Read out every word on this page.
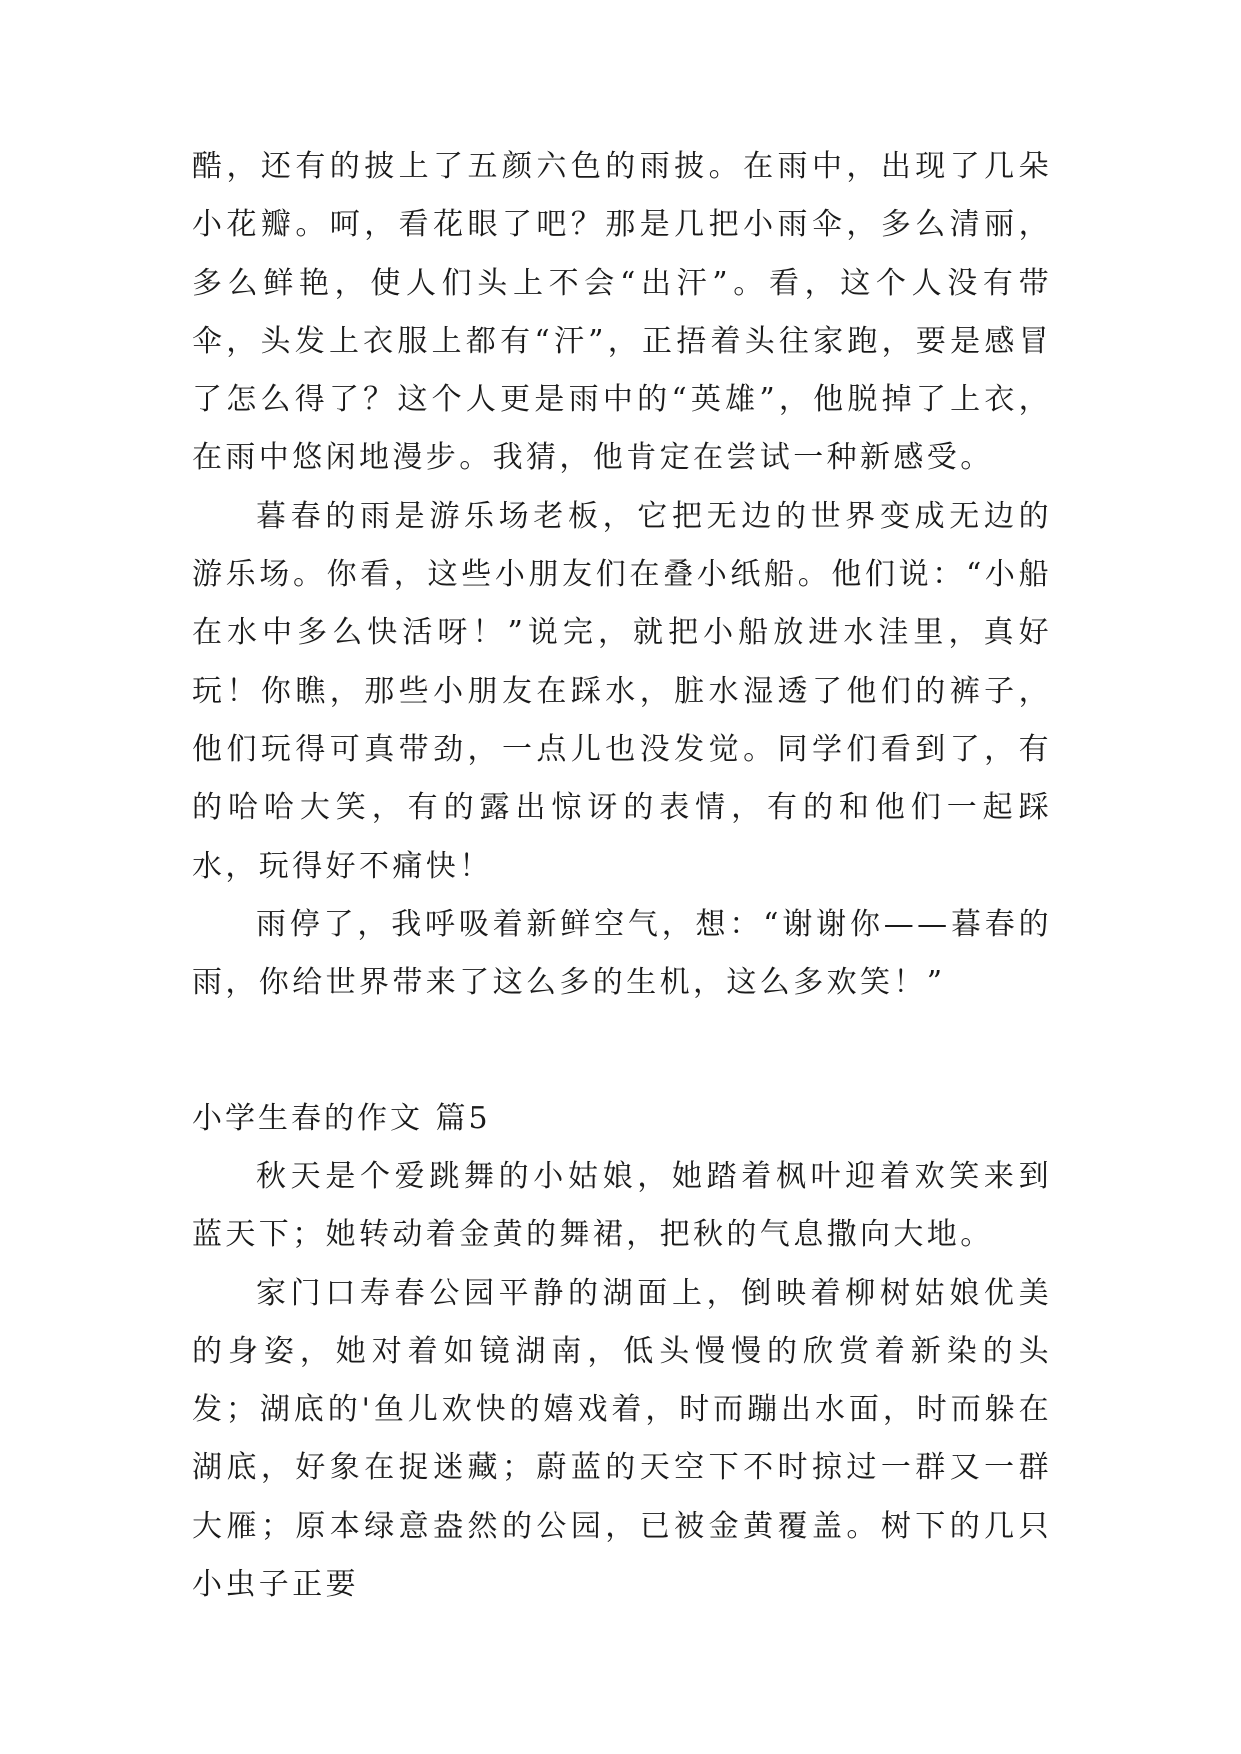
酷，还有的披上了五颜六色的雨披。在雨中，出现了几朵小花瓣。呵，看花眼了吧？那是几把小雨伞，多么清丽，多么鲜艳，使人们头上不会“出汗”。看，这个人没有带伞，头发上衣服上都有“汗”，正捂着头往家跑，要是感冒了怎么得了？这个人更是雨中的“英雄”，他脱掉了上衣，在雨中悠闲地漫步。我猜，他肯定在尝试一种新感受。

暮春的雨是游乐场老板，它把无边的世界变成无边的游乐场。你看，这些小朋友们在叠小纸船。他们说：“小船在水中多么快活呀！”说完，就把小船放进水洼里，真好玩！你瞧，那些小朋友在踩水，脏水湿透了他们的裤子，他们玩得可真带劲，一点儿也没发觉。同学们看到了，有的哈哈大笑，有的露出惊讶的表情，有的和他们一起踩水，玩得好不痛快！

雨停了，我呼吸着新鲜空气，想：“谢谢你——暮春的雨，你给世界带来了这么多的生机，这么多欢笑！”

小学生春的作文 篇5

秋天是个爱跳舞的小姑娘，她踏着枫叶迎着欢笑来到蓝天下；她转动着金黄的舞裙，把秋的气息撒向大地。

家门口寿春公园平静的湖面上，倒映着柳树姑娘优美的身姿，她对着如镜湖南，低头慢慢的欣赏着新染的头发；湖底的'鱼儿欢快的嬉戏着，时而蹦出水面，时而躲在湖底，好象在捉迷藏；蔚蓝的天空下不时掠过一群又一群大雁；原本绿意盎然的公园，已被金黄覆盖。树下的几只小虫子正要
